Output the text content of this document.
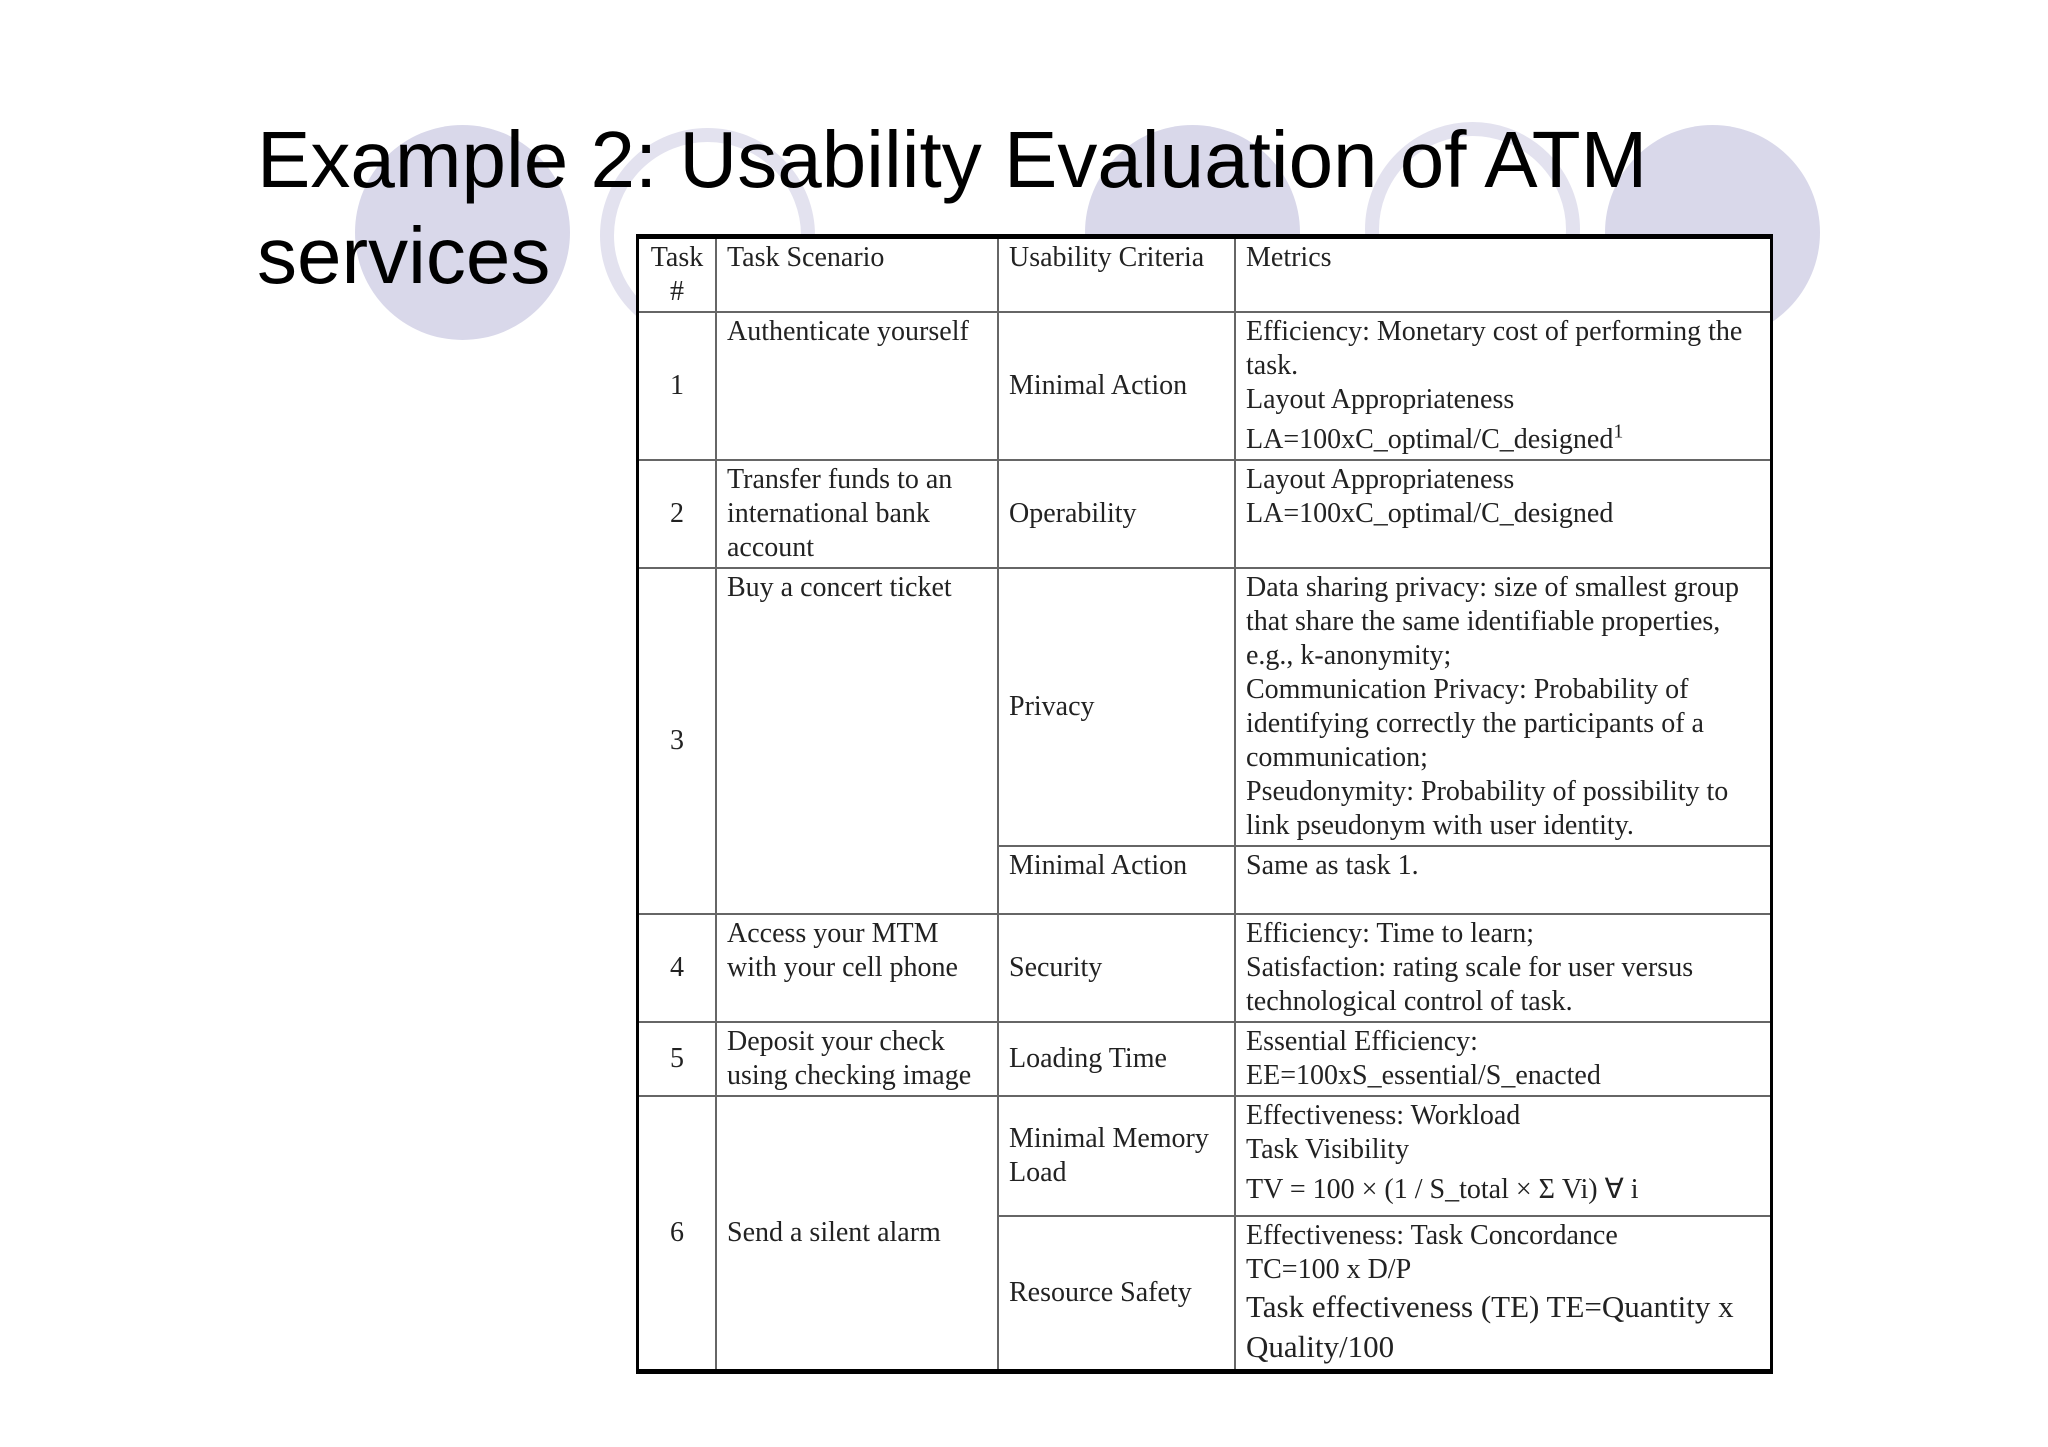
Example 2: Usability Evaluation of ATM
services	Task #	Task Scenario	Usability Criteria	Metrics
1	Authenticate yourself	Minimal Action	Efficiency: Monetary cost of performing the task.
Layout Appropriateness
LA=100xC_optimal/C_designed$^1$

2	Transfer funds to an international bank account	Operability	Layout Appropriateness
LA=100xC_optimal/C_designed

3	Buy a concert ticket	Privacy	Data sharing privacy: size of smallest group that share the same identifiable properties, e.g., k-anonymity;
Communication Privacy: Probability of identifying correctly the participants of a communication;
Pseudonymity: Probability of possibility to link pseudonym with user identity.

		Minimal Action	Same as task 1.

4	Access your MTM with your cell phone	Security	Efficiency: Time to learn;
Satisfaction: rating scale for user versus technological control of task.

5	Deposit your check using checking image	Loading Time	Essential Efficiency:
EE=100xS_essential/S_enacted

6	Send a silent alarm	Minimal Memory Load	Effectiveness: Workload
Task Visibility
TV = 100 × (1 / S_total × Σ Vi) ∀ i

		Resource Safety	Effectiveness: Task Concordance
TC=100 x D/P
Task effectiveness (TE) TE=Quantity x Quality/100
